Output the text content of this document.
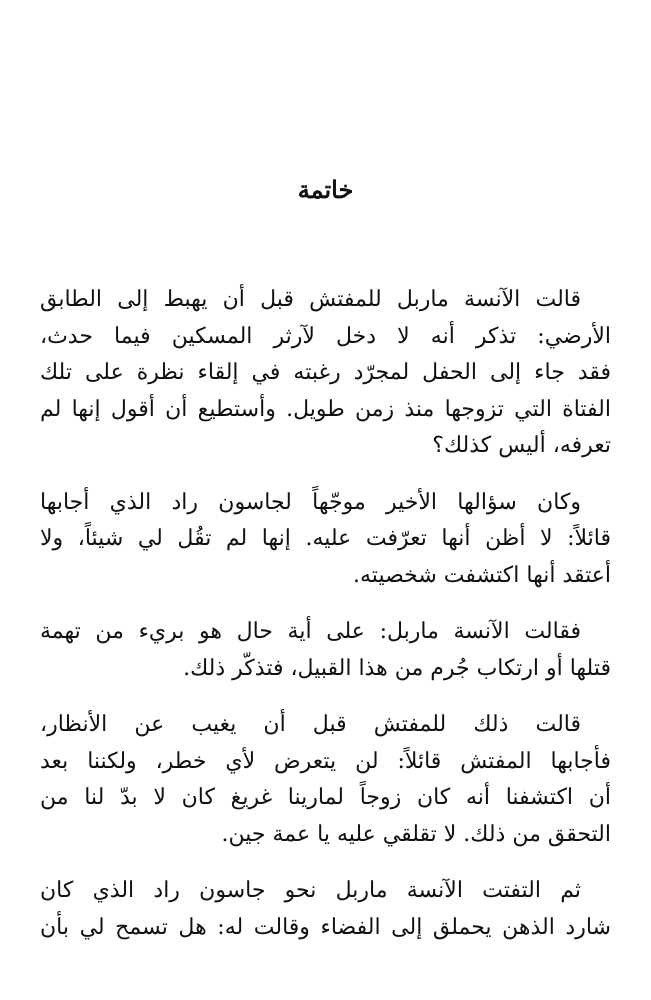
خاتمة

قالت الآنسة ماربل للمفتش قبل أن يهبط إلى الطابق
الأرضي: تذكر أنه لا دخل لآرثر المسكين فيما حدث،
فقد جاء إلى الحفل لمجرّد رغبته في إلقاء نظرة على تلك
الفتاة التي تزوجها منذ زمن طويل. وأستطيع أن أقول إنها لم
تعرفه، أليس كذلك؟

وكان سؤالها الأخير موجّهاً لجاسون راد الذي أجابها
قائلاً: لا أظن أنها تعرّفت عليه. إنها لم تقُل لي شيئاً، ولا
أعتقد أنها اكتشفت شخصيته.

فقالت الآنسة ماربل: على أية حال هو بريء من تهمة
قتلها أو ارتكاب جُرم من هذا القبيل، فتذكّر ذلك.

قالت ذلك للمفتش قبل أن يغيب عن الأنظار،
فأجابها المفتش قائلاً: لن يتعرض لأي خطر، ولكننا بعد
أن اكتشفنا أنه كان زوجاً لمارينا غريغ كان لا بدّ لنا من
التحقق من ذلك. لا تقلقي عليه يا عمة جين.

ثم التفتت الآنسة ماربل نحو جاسون راد الذي كان
شارد الذهن يحملق إلى الفضاء وقالت له: هل تسمح لي بأن
